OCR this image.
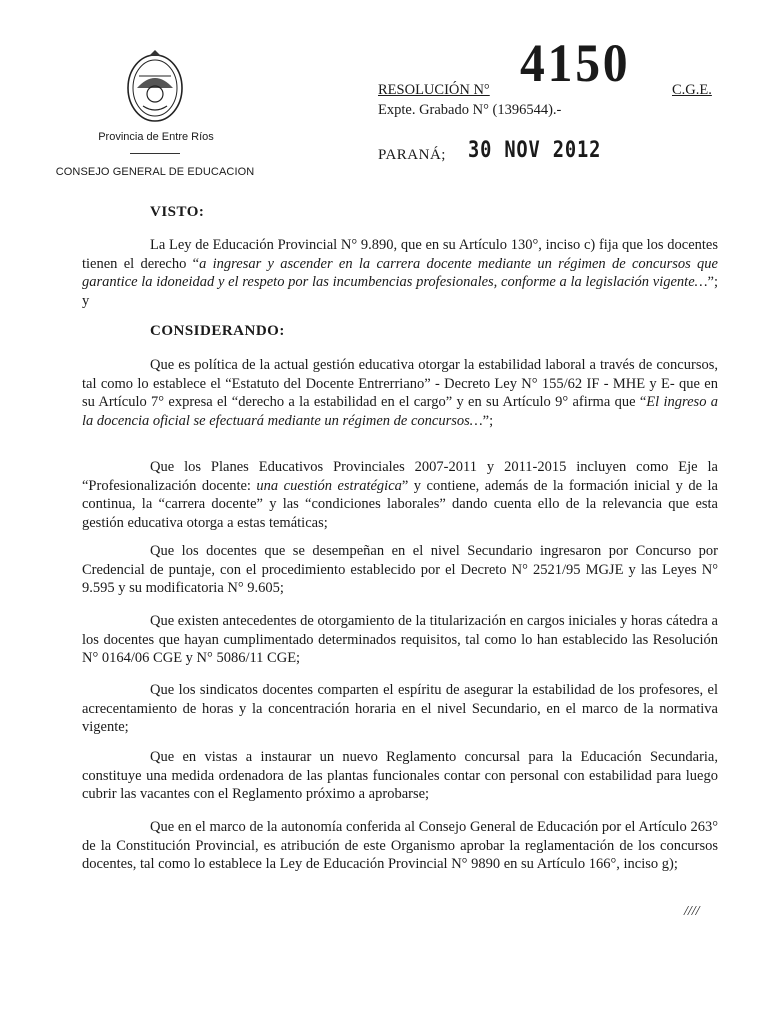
Provincia de Entre Ríos
CONSEJO GENERAL DE EDUCACION
RESOLUCIÓN N° 4150	C.G.E.
Expte. Grabado N° (1396544).-
PARANÁ; 30 NOV 2012
VISTO:

La Ley de Educación Provincial N° 9.890, que en su Artículo 130°, inciso c) fija que los docentes tienen el derecho “a ingresar y ascender en la carrera docente mediante un régimen de concursos que garantice la idoneidad y el respeto por las incumbencias profesionales, conforme a la legislación vigente…”; y

CONSIDERANDO:

Que es política de la actual gestión educativa otorgar la estabilidad laboral a través de concursos, tal como lo establece el “Estatuto del Docente Entrerriano” - Decreto Ley N° 155/62 IF - MHE y E- que en su Artículo 7° expresa el “derecho a la estabilidad en el cargo” y en su Artículo 9° afirma que “El ingreso a la docencia oficial se efectuará mediante un régimen de concursos…”;

Que los Planes Educativos Provinciales 2007-2011 y 2011-2015 incluyen como Eje la “Profesionalización docente: una cuestión estratégica” y contiene, además de la formación inicial y de la continua, la “carrera docente” y las “condiciones laborales” dando cuenta ello de la relevancia que esta gestión educativa otorga a estas temáticas;

Que los docentes que se desempeñan en el nivel Secundario ingresaron por Concurso por Credencial de puntaje, con el procedimiento establecido por el Decreto N° 2521/95 MGJE y las Leyes N° 9.595 y su modificatoria N° 9.605;

Que existen antecedentes de otorgamiento de la titularización en cargos iniciales y horas cátedra a los docentes que hayan cumplimentado determinados requisitos, tal como lo han establecido las Resolución N° 0164/06 CGE y N° 5086/11 CGE;

Que los sindicatos docentes comparten el espíritu de asegurar la estabilidad de los profesores, el acrecentamiento de horas y la concentración horaria en el nivel Secundario, en el marco de la normativa vigente;

Que en vistas a instaurar un nuevo Reglamento concursal para la Educación Secundaria, constituye una medida ordenadora de las plantas funcionales contar con personal con estabilidad para luego cubrir las vacantes con el Reglamento próximo a aprobarse;

Que en el marco de la autonomía conferida al Consejo General de Educación por el Artículo 263° de la Constitución Provincial, es atribución de este Organismo aprobar la reglamentación de los concursos docentes, tal como lo establece la Ley de Educación Provincial N° 9890 en su Artículo 166°, inciso g);

////
